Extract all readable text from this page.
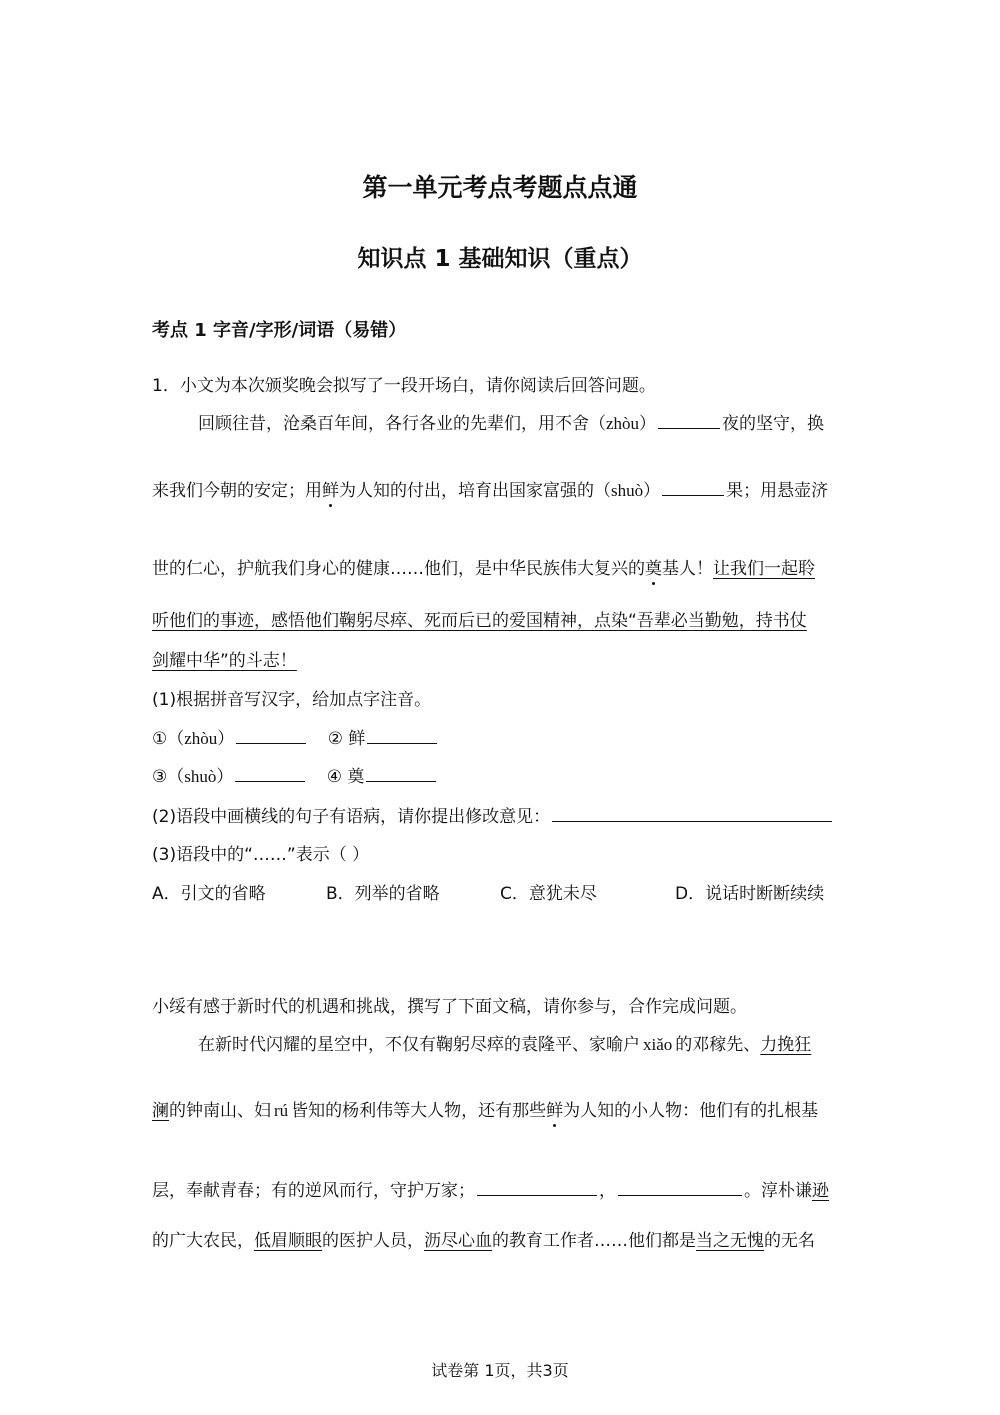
第一单元考点考题点点通
知识点 1 基础知识（重点）
考点 1 字音/字形/词语（易错）
1．小文为本次颁奖晚会拟写了一段开场白，请你阅读后回答问题。
回顾往昔，沧桑百年间，各行各业的先辈们，用不舍（zhòu）	夜的坚守，换
来我们今朝的安定；用鲜为人知的付出，培育出国家富强的（shuò）	果；用悬壶济
世的仁心，护航我们身心的健康……他们，是中华民族伟大复兴的奠基人！让我们一起聆
听他们的事迹，感悟他们鞠躬尽瘁、死而后已的爱国精神，点染“吾辈必当勤勉，持书仗
剑耀中华”的斗志！
(1)根据拼音写汉字，给加点字注音。
①（zhòu）	② 鲜
③（shuò）	④ 奠
(2)语段中画横线的句子有语病，请你提出修改意见：
(3)语段中的“……”表示（ ）
A．引文的省略	B．列举的省略	C．意犹未尽	D．说话时断断续续
小绥有感于新时代的机遇和挑战，撰写了下面文稿，请你参与，合作完成问题。
在新时代闪耀的星空中，不仅有鞠躬尽瘁的袁隆平、家喻户 xiǎo 的邓稼先、力挽狂
澜的钟南山、妇 rú 皆知的杨利伟等大人物，还有那些鲜为人知的小人物：他们有的扎根基
层，奉献青春；有的逆风而行，守护万家；	，	。淳朴谦逊
的广大农民，低眉顺眼的医护人员，沥尽心血的教育工作者……他们都是当之无愧的无名
试卷第 1页，共3页
